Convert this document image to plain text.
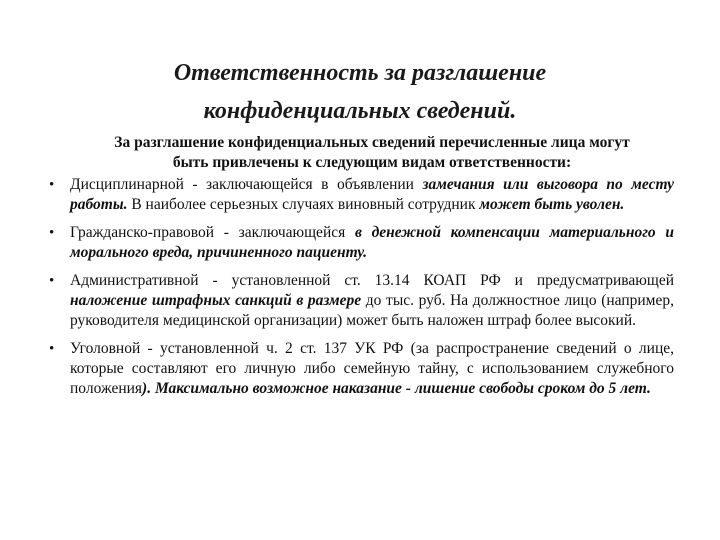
Ответственность за разглашение
конфиденциальных сведений.

За разглашение конфиденциальных сведений перечисленные лица могут
быть привлечены к следующим видам ответственности:

• Дисциплинарной - заключающейся в объявлении замечания или выговора по месту работы. В наиболее серьезных случаях виновный сотрудник может быть уволен.
• Гражданско-правовой - заключающейся в денежной компенсации материального и морального вреда, причиненного пациенту.
• Административной - установленной ст. 13.14 КОАП РФ и предусматривающей наложение штрафных санкций в размере до тыс. руб. На должностное лицо (например, руководителя медицинской организации) может быть наложен штраф более высокий.
• Уголовной - установленной ч. 2 ст. 137 УК РФ (за распространение сведений о лице, которые составляют его личную либо семейную тайну, с использованием служебного положения). Максимально возможное наказание - лишение свободы сроком до 5 лет.
